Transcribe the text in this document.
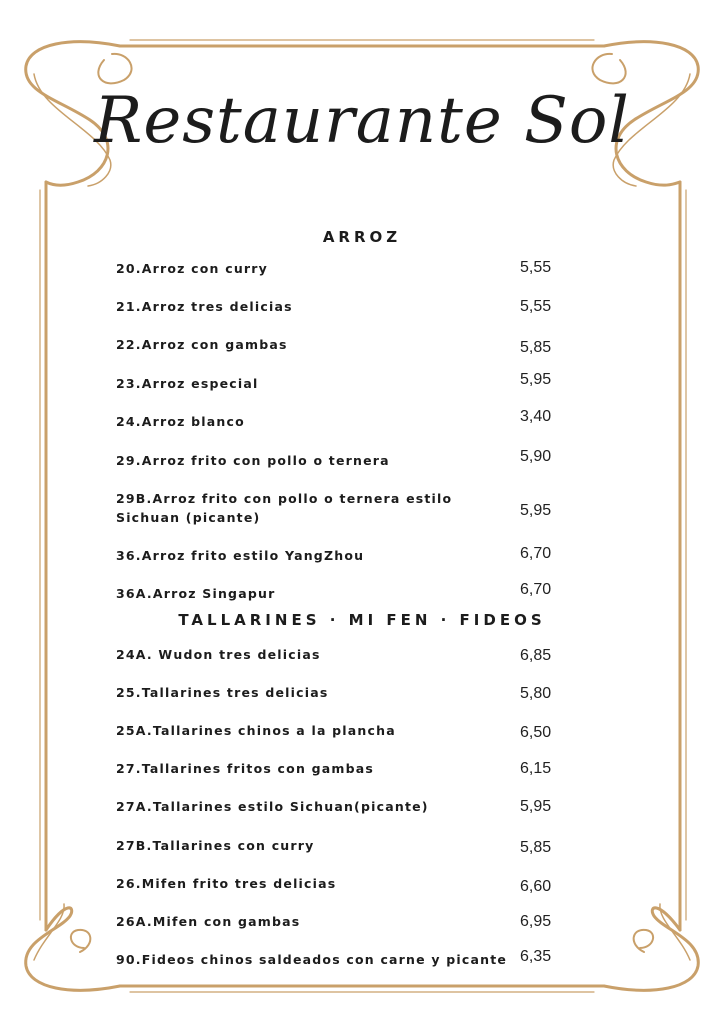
Restaurante Sol
ARROZ
20.Arroz con curry	5,55
21.Arroz tres delicias	5,55
22.Arroz con gambas	5,85
23.Arroz especial	5,95
24.Arroz blanco	3,40
29.Arroz frito con pollo o ternera	5,90
29B.Arroz frito con pollo o ternera estilo Sichuan (picante)	5,95
36.Arroz frito estilo YangZhou	6,70
36A.Arroz Singapur	6,70
TALLARINES · MI FEN · FIDEOS
24A. Wudon tres delicias	6,85
25.Tallarines tres delicias	5,80
25A.Tallarines chinos a la plancha	6,50
27.Tallarines fritos con gambas	6,15
27A.Tallarines estilo Sichuan(picante)	5,95
27B.Tallarines con curry	5,85
26.Mifen frito tres delicias	6,60
26A.Mifen con gambas	6,95
90.Fideos chinos saldeados con carne y picante 6,35
